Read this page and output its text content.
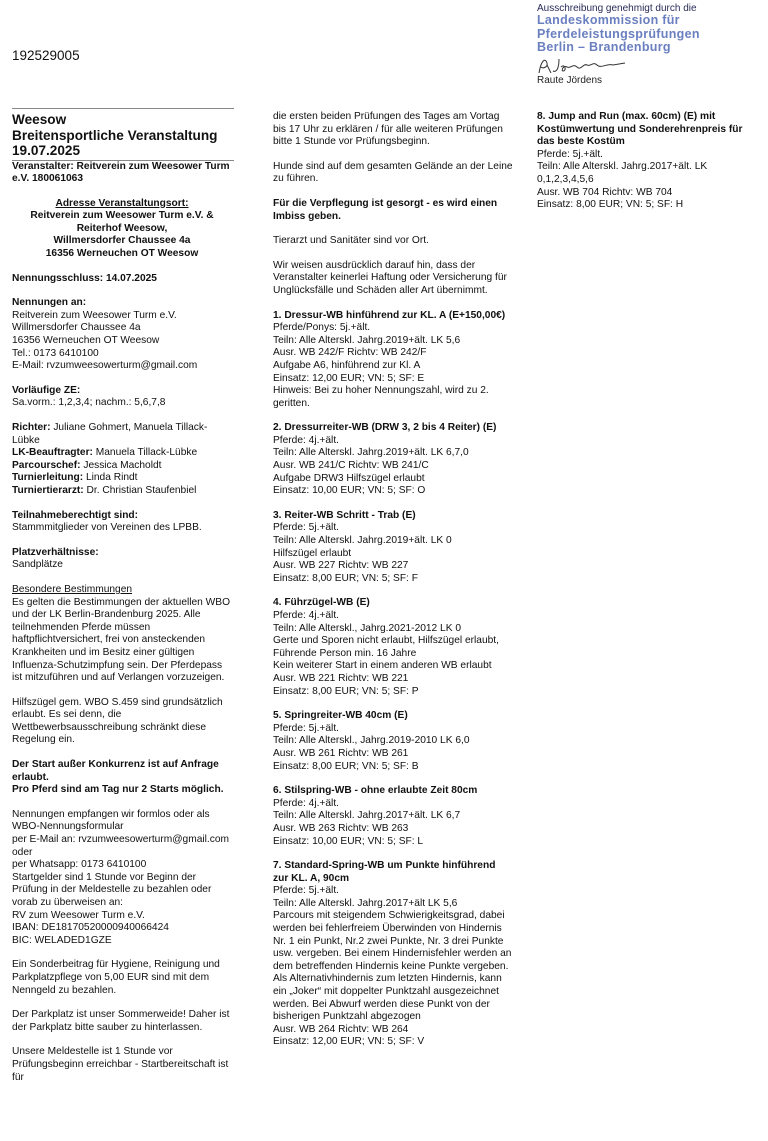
192529005
Ausschreibung genehmigt durch die
Landeskommission für
Pferdeleistungsprüfungen
Berlin – Brandenburg
Raute Jördens
Weesow
Breitensportliche Veranstaltung
19.07.2025
Veranstalter: Reitverein zum Weesower Turm e.V. 180061063
Adresse Veranstaltungsort:
Reitverein zum Weesower Turm e.V. & Reiterhof Weesow,
Willmersdorfer Chaussee 4a
16356 Werneuchen OT Weesow
Nennungsschluss: 14.07.2025
Nennungen an:
Reitverein zum Weesower Turm e.V.
Willmersdorfer Chaussee 4a
16356 Werneuchen OT Weesow
Tel.: 0173 6410100
E-Mail: rvzumweesowerturm@gmail.com
Vorläufige ZE:
Sa.vorm.: 1,2,3,4; nachm.: 5,6,7,8
Richter: Juliane Gohmert, Manuela Tillack-Lübke
LK-Beauftragter: Manuela Tillack-Lübke
Parcourschef: Jessica Macholdt
Turnierleitung: Linda Rindt
Turniertierarzt: Dr. Christian Staufenbiel
Teilnahmeberechtigt sind:
Stammmitglieder von Vereinen des LPBB.
Platzverhältnisse:
Sandplätze
Besondere Bestimmungen

Es gelten die Bestimmungen der aktuellen WBO und der LK Berlin-Brandenburg 2025. Alle teilnehmenden Pferde müssen haftpflichtversichert, frei von ansteckenden Krankheiten und im Besitz einer gültigen Influenza-Schutzimpfung sein. Der Pferdepass ist mitzuführen und auf Verlangen vorzuzeigen.

Hilfszügel gem. WBO S.459 sind grundsätzlich erlaubt. Es sei denn, die Wettbewerbsausschreibung schränkt diese Regelung ein.

Der Start außer Konkurrenz ist auf Anfrage erlaubt.

Pro Pferd sind am Tag nur 2 Starts möglich.

Nennungen empfangen wir formlos oder als WBO-Nennungsformular

per E-Mail an: rvzumweesowerturm@gmail.com

oder

per Whatsapp: 0173 6410100

Startgelder sind 1 Stunde vor Beginn der Prüfung in der Meldestelle zu bezahlen oder vorab zu überweisen an:

RV zum Weesower Turm e.V.

IBAN: DE18170520000940066424

BIC: WELADED1GZE

Ein Sonderbeitrag für Hygiene, Reinigung und Parkplatzpflege von 5,00 EUR sind mit dem Nenngeld zu bezahlen.

Der Parkplatz ist unser Sommerweide! Daher ist der Parkplatz bitte sauber zu hinterlassen.

Unsere Meldestelle ist 1 Stunde vor Prüfungsbeginn erreichbar - Startbereitschaft ist für

die ersten beiden Prüfungen des Tages am Vortag bis 17 Uhr zu erklären / für alle weiteren Prüfungen bitte 1 Stunde vor Prüfungsbeginn.

Hunde sind auf dem gesamten Gelände an der Leine zu führen.

Für die Verpflegung ist gesorgt - es wird einen Imbiss geben.

Tierarzt und Sanitäter sind vor Ort.

Wir weisen ausdrücklich darauf hin, dass der Veranstalter keinerlei Haftung oder Versicherung für Unglücksfälle und Schäden aller Art übernimmt.

1. Dressur-WB hinführend zur KL. A (E+150,00€)
Pferde/Ponys: 5j.+ält.
Teiln: Alle Alterskl. Jahrg.2019+ält. LK 5,6
Ausr. WB 242/F Richtv: WB 242/F
Aufgabe A6, hinführend zur Kl. A
Einsatz: 12,00 EUR; VN: 5; SF: E
Hinweis: Bei zu hoher Nennungszahl, wird zu 2. geritten.
2. Dressurreiter-WB (DRW 3, 2 bis 4 Reiter) (E)
Pferde: 4j.+ält.
Teiln: Alle Alterskl. Jahrg.2019+ält. LK 6,7,0
Ausr. WB 241/C Richtv: WB 241/C
Aufgabe DRW3 Hilfszügel erlaubt
Einsatz: 10,00 EUR; VN: 5; SF: O
3. Reiter-WB Schritt - Trab (E)
Pferde: 5j.+ält.
Teiln: Alle Alterskl. Jahrg.2019+ält. LK 0
Hilfszügel erlaubt
Ausr. WB 227 Richtv: WB 227
Einsatz: 8,00 EUR; VN: 5; SF: F
4. Führzügel-WB (E)
Pferde: 4j.+ält.
Teiln: Alle Alterskl., Jahrg.2021-2012 LK 0
Gerte und Sporen nicht erlaubt, Hilfszügel erlaubt,
Führende Person min. 16 Jahre
Kein weiterer Start in einem anderen WB erlaubt
Ausr. WB 221 Richtv: WB 221
Einsatz: 8,00 EUR; VN: 5; SF: P
5. Springreiter-WB 40cm (E)
Pferde: 5j.+ält.
Teiln: Alle Alterskl., Jahrg.2019-2010 LK 6,0
Ausr. WB 261 Richtv: WB 261
Einsatz: 8,00 EUR; VN: 5; SF: B
6. Stilspring-WB - ohne erlaubte Zeit 80cm
Pferde: 4j.+ält.
Teiln: Alle Alterskl. Jahrg.2017+ält. LK 6,7
Ausr. WB 263 Richtv: WB 263
Einsatz: 10,00 EUR; VN: 5; SF: L
7. Standard-Spring-WB um Punkte hinführend zur KL. A, 90cm
Pferde: 5j.+ält.
Teiln: Alle Alterskl. Jahrg.2017+ält LK 5,6
Parcours mit steigendem Schwierigkeitsgrad, dabei werden bei fehlerfreiem Überwinden von Hindernis Nr. 1 ein Punkt, Nr.2 zwei Punkte, Nr. 3 drei Punkte usw. vergeben. Bei einem Hindernisfehler werden an dem betreffenden Hindernis keine Punkte vergeben. Als Alternativhindernis zum letzten Hindernis, kann ein „Joker“ mit doppelter Punktzahl ausgezeichnet werden. Bei Abwurf werden diese Punkt von der bisherigen Punktzahl abgezogen
Ausr. WB 264 Richtv: WB 264
Einsatz: 12,00 EUR; VN: 5; SF: V
8. Jump and Run (max. 60cm) (E) mit Kostümwertung und Sonderehrenpreis für das beste Kostüm
Pferde: 5j.+ält.
Teiln: Alle Alterskl. Jahrg.2017+ält. LK 0,1,2,3,4,5,6
Ausr. WB 704 Richtv: WB 704
Einsatz: 8,00 EUR; VN: 5; SF: H
